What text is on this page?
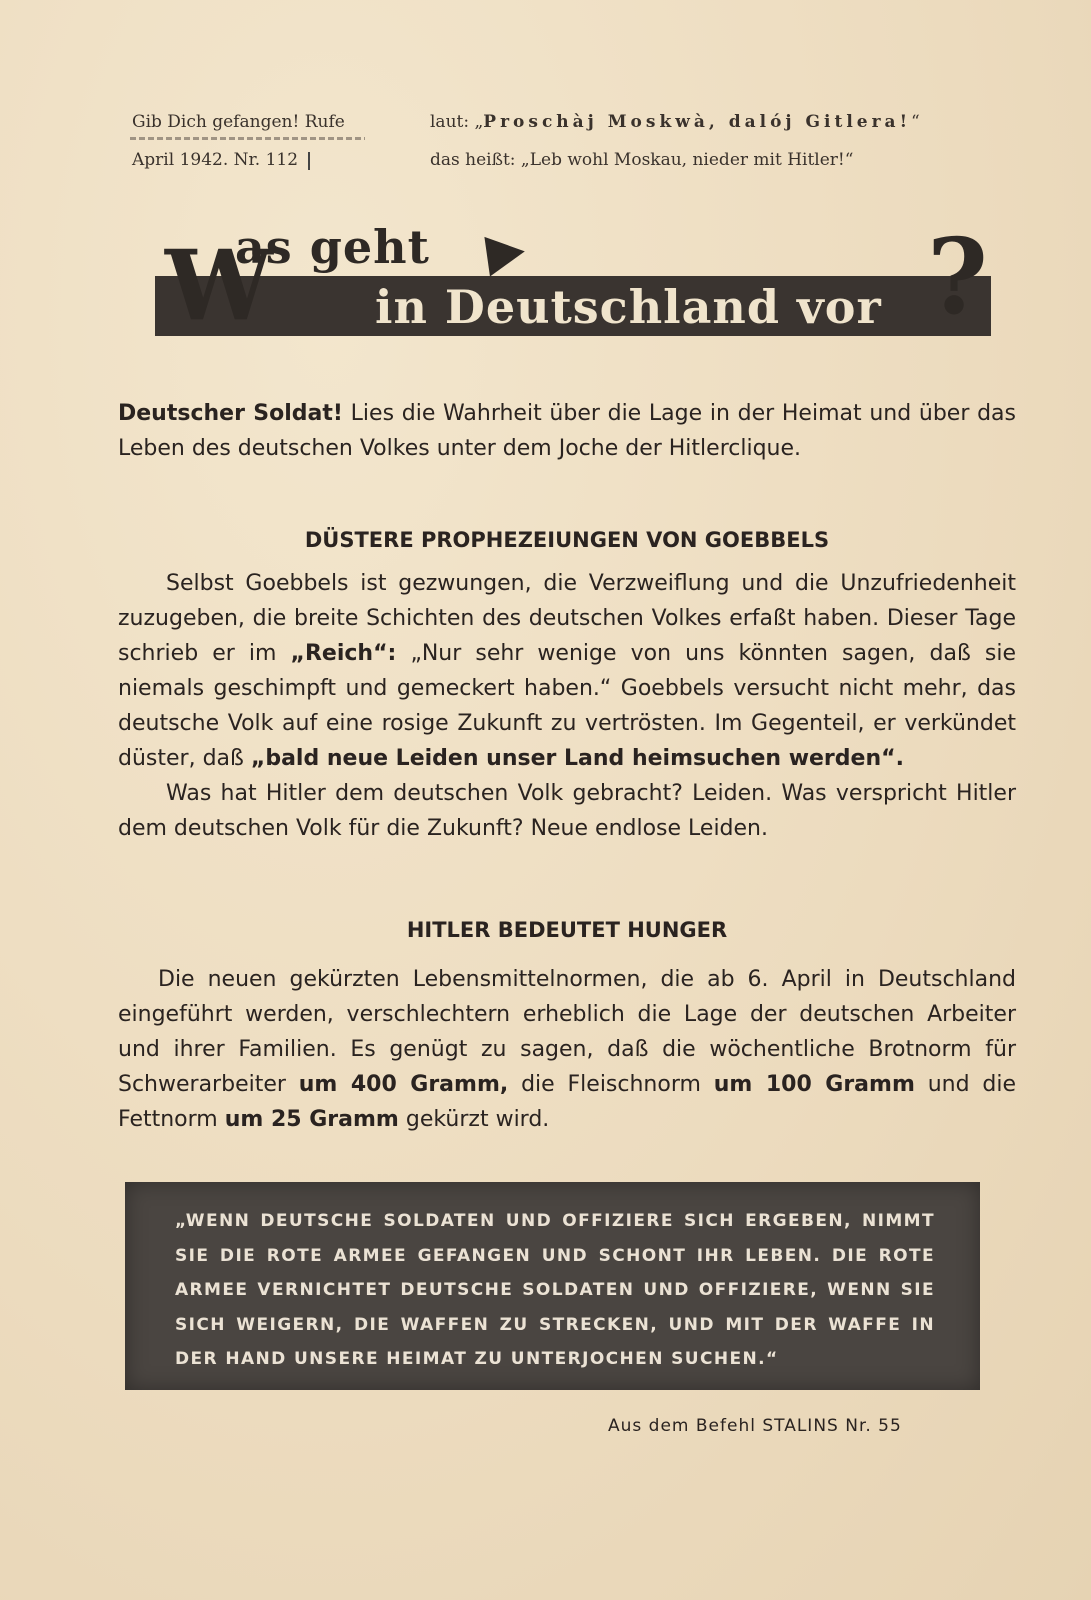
Gib Dich gefangen! Rufe
April 1942. Nr. 112
laut: „Proschàj Moskwà, dalój Gitlera!“
das heißt: „Leb wohl Moskau, nieder mit Hitler!“
W
as geht
in Deutschland vor ?
Deutscher Soldat! Lies die Wahrheit über die Lage in der Heimat und über das Leben des deutschen Volkes unter dem Joche der Hitlerclique.
DÜSTERE PROPHEZEIUNGEN VON GOEBBELS
Selbst Goebbels ist gezwungen, die Verzweiflung und die Unzufriedenheit zuzugeben, die breite Schichten des deutschen Volkes erfaßt haben. Dieser Tage schrieb er im „Reich“: „Nur sehr wenige von uns könnten sagen, daß sie niemals geschimpft und gemeckert haben.“ Goebbels versucht nicht mehr, das deutsche Volk auf eine rosige Zukunft zu vertrösten. Im Gegenteil, er verkündet düster, daß „bald neue Leiden unser Land heimsuchen werden“.
Was hat Hitler dem deutschen Volk gebracht? Leiden. Was verspricht Hitler dem deutschen Volk für die Zukunft? Neue endlose Leiden.
HITLER BEDEUTET HUNGER
Die neuen gekürzten Lebensmittelnormen, die ab 6. April in Deutschland eingeführt werden, verschlechtern erheblich die Lage der deutschen Arbeiter und ihrer Familien. Es genügt zu sagen, daß die wöchentliche Brotnorm für Schwerarbeiter um 400 Gramm, die Fleischnorm um 100 Gramm und die Fettnorm um 25 Gramm gekürzt wird.
„WENN DEUTSCHE SOLDATEN UND OFFIZIERE SICH ERGEBEN, NIMMT SIE DIE ROTE ARMEE GEFANGEN UND SCHONT IHR LEBEN. DIE ROTE ARMEE VERNICHTET DEUTSCHE SOLDATEN UND OFFIZIERE, WENN SIE SICH WEIGERN, DIE WAFFEN ZU STRECKEN, UND MIT DER WAFFE IN DER HAND UNSERE HEIMAT ZU UNTERJOCHEN SUCHEN.“
Aus dem Befehl STALINS Nr. 55
